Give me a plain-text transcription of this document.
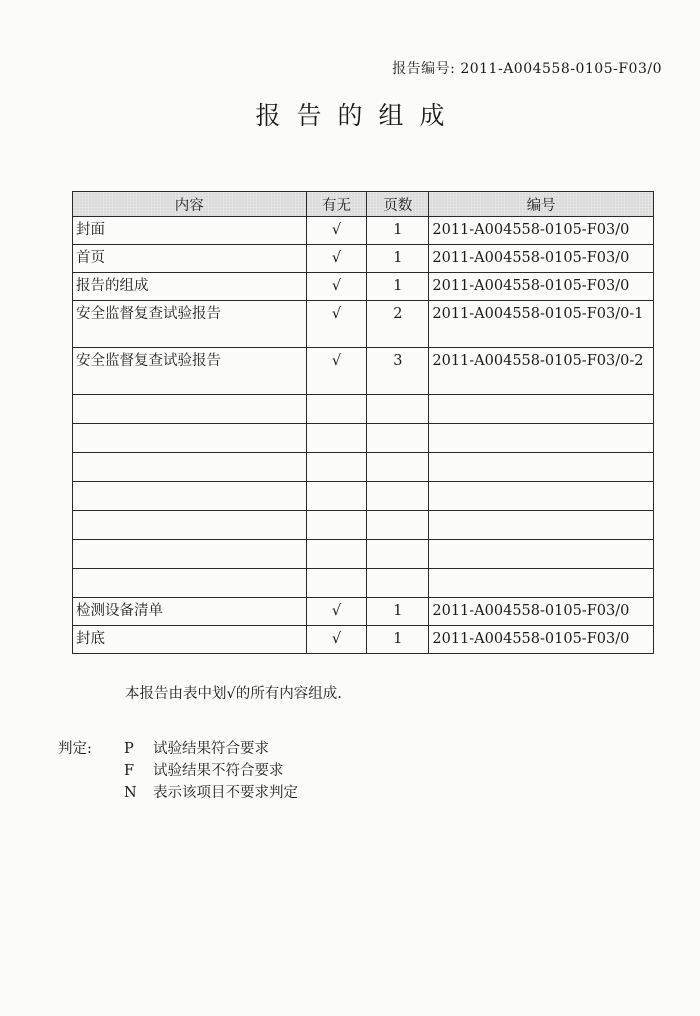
报告编号: 2011-A004558-0105-F03/0
报告的组成
内容	有无	页数	编号
封面	√	1	2011-A004558-0105-F03/0
首页	√	1	2011-A004558-0105-F03/0
报告的组成	√	1	2011-A004558-0105-F03/0
安全监督复查试验报告	√	2	2011-A004558-0105-F03/0-1
安全监督复查试验报告	√	3	2011-A004558-0105-F03/0-2

检测设备清单	√	1	2011-A004558-0105-F03/0
封底	√	1	2011-A004558-0105-F03/0
本报告由表中划√的所有内容组成.
判定: P 试验结果符合要求
F 试验结果不符合要求
N 表示该项目不要求判定
